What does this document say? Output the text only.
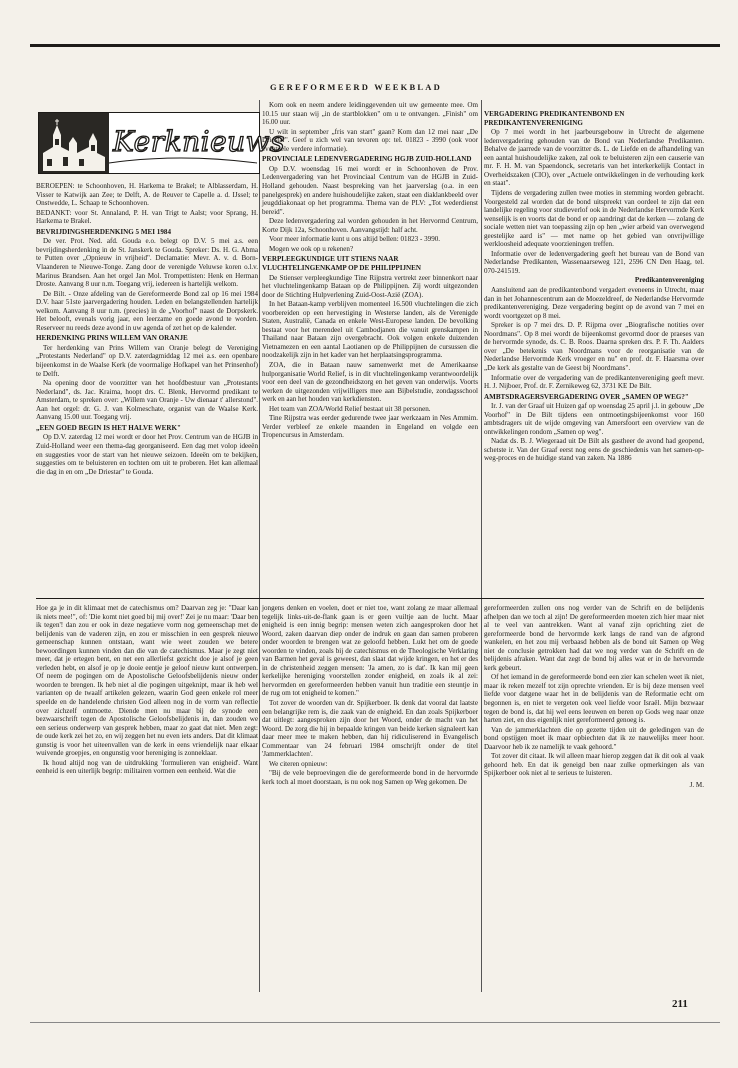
GEREFORMEERD WEEKBLAD
Kerknieuws

BEROEPEN: te Schoonhoven, H. Harkema te Brakel; te Alblasserdam, H. Visser te Katwijk aan Zee; te Delft, A. de Reuver te Capelle a. d. IJssel; te Onstwedde, L. Schaap te Schoonhoven.

BEDANKT: voor St. Annaland, P. H. van Trigt te Aalst; voor Sprang, H. Harkema te Brakel.

BEVRIJDINGSHERDENKING 5 MEI 1984

De ver. Prot. Ned. afd. Gouda e.o. belegt op D.V. 5 mei a.s. een bevrijdingsherdenking in de St. Janskerk te Gouda. Spreker: Ds. H. G. Abma te Putten over „Opnieuw in vrijheid". Declamatie: Mevr. A. v. d. Born-Vlaanderen te Nieuwe-Tonge. Zang door de verenigde Veluwse koren o.l.v. Marinus Brandsen. Aan het orgel Jan Mol. Trompettisten: Henk en Herman Droste. Aanvang 8 uur n.m. Toegang vrij, iedereen is hartelijk welkom.

De Bilt. - Onze afdeling van de Gereformeerde Bond zal op 16 mei 1984 D.V. haar 51ste jaarvergadering houden. Leden en belangstellenden hartelijk welkom. Aanvang 8 uur n.m. (precies) in de „Voorhof" naast de Dorpskerk. Het belooft, evenals vorig jaar, een leerzame en goede avond te worden. Reserveer nu reeds deze avond in uw agenda of zet het op de kalender.

HERDENKING PRINS WILLEM VAN ORANJE

Ter herdenking van Prins Willem van Oranje belegt de Vereniging „Protestants Nederland" op D.V. zaterdagmiddag 12 mei a.s. een openbare bijeenkomst in de Waalse Kerk (de voormalige Hofkapel van het Prinsenhof) te Delft.

Na opening door de voorzitter van het hoofdbestuur van „Protestants Nederland", ds. Jac. Kraima, hoopt drs. C. Blenk, Hervormd predikant te Amsterdam, te spreken over: „Willem van Oranje - Uw dienaar t' allerstond". Aan het orgel: dr. G. J. van Kolmeschate, organist van de Waalse Kerk. Aanvang 15.00 uur. Toegang vrij.

„EEN GOED BEGIN IS HET HALVE WERK"

Op D.V. zaterdag 12 mei wordt er door het Prov. Centrum van de HGJB in Zuid-Holland weer een thema-dag georganiseerd. Een dag met volop ideeën en suggesties voor de start van het nieuwe seizoen. Ideeën om te bekijken, suggesties om te beluisteren en tochten om uit te proberen. Het kan allemaal die dag in en om „De Driestar" te Gouda.

Kom ook en neem andere leidinggevenden uit uw gemeente mee. Om 10.15 uur staan wij „in de startblokken" om u te ontvangen. „Finish" om 16.00 uur.

U wilt in september „fris van start" gaan? Kom dan 12 mei naar „De Driestar". Geef u zich wel van tevoren op: tel. 01823 - 3990 (ook voor eventuele verdere informatie).

PROVINCIALE LEDENVERGADERING HGJB ZUID-HOLLAND

Op D.V. woensdag 16 mei wordt er in Schoonhoven de Prov. Ledenvergadering van het Provinciaal Centrum van de HGJB in Zuid-Holland gehouden. Naast bespreking van het jaarverslag (o.a. in een panelgesprek) en andere huishoudelijke zaken, staat een diaklankbeeld over jeugddiakonaat op het programma. Thema van de PLV: „Tot wederdienst bereid".

Deze ledenvergadering zal worden gehouden in het Hervormd Centrum, Korte Dijk 12a, Schoonhoven. Aanvangstijd: half acht.

Voor meer informatie kunt u ons altijd bellen: 01823 - 3990.

Mogen we ook op u rekenen?

VERPLEEGKUNDIGE UIT STIENS NAAR VLUCHTELINGENKAMP OP DE PHILIPPIJNEN

De Stienser verpleegkundige Tine Rijpstra vertrekt zeer binnenkort naar het vluchtelingenkamp Bataan op de Philippijnen. Zij wordt uitgezonden door de Stichting Hulpverlening Zuid-Oost-Azië (ZOA).

In het Bataan-kamp verblijven momenteel 16.500 vluchtelingen die zich voorbereiden op een hervestiging in Westerse landen, als de Verenigde Staten, Australië, Canada en enkele West-Europese landen. De bevolking bestaat voor het merendeel uit Cambodjanen die vanuit grenskampen in Thailand naar Bataan zijn overgebracht. Ook volgen enkele duizenden Vietnamezen en een aantal Laotianen op de Philippijnen de cursussen die noodzakelijk zijn in het kader van het herplaatsingsprogramma.

ZOA, die in Bataan nauw samenwerkt met de Amerikaanse hulporganisatie World Relief, is in dit vluchtelingenkamp verantwoordelijk voor een deel van de gezondheidszorg en het geven van onderwijs. Voorts werken de uitgezonden vrijwilligers mee aan Bijbelstudie, zondagsschool werk en aan het houden van kerkdiensten.

Het team van ZOA/World Relief bestaat uit 38 personen.

Tine Rijpstra was eerder gedurende twee jaar werkzaam in Nes Ammim. Verder verbleef ze enkele maanden in Engeland en volgde een Tropencursus in Amsterdam.

VERGADERING PREDIKANTENBOND EN PREDIKANTENVERENIGING

Op 7 mei wordt in het jaarbeursgebouw in Utrecht de algemene ledenvergadering gehouden van de Bond van Nederlandse Predikanten. Behalve de jaarrede van de voorzitter ds. L. de Liefde en de afhandeling van een aantal huishoudelijke zaken, zal ook te beluisteren zijn een causerie van mr. F. H. M. van Spaendonck, secretaris van het interkerkelijk Contact in Overheidszaken (CIO), over „Actuele ontwikkelingen in de verhouding kerk en staat".

Tijdens de vergadering zullen twee moties in stemming worden gebracht. Voorgesteld zal worden dat de bond uitspreekt van oordeel te zijn dat een landelijke regeling voor studieverlof ook in de Nederlandse Hervormde Kerk wenselijk is en voorts dat de bond er op aandringt dat de kerken — zolang de sociale wetten niet van toepassing zijn op hen „wier arbeid van overwegend geestelijke aard is" — met name op het gebied van onvrijwillige werkloosheid adequate voorzieningen treffen.

Informatie over de ledenvergadering geeft het bureau van de Bond van Nederlandse Predikanten, Wassenaarseweg 121, 2596 CN Den Haag, tel. 070-241519.

Predikantenvereniging

Aansluitend aan de predikantenbond vergadert eveneens in Utrecht, maar dan in het Johannescentrum aan de Moezeldreef, de Nederlandse Hervormde predikantenvereniging. Deze vergadering begint op de avond van 7 mei en wordt voortgezet op 8 mei.

Spreker is op 7 mei drs. D. P. Rijpma over „Biografische notities over Noordmans". Op 8 mei wordt de bijeenkomst gevormd door de praeses van de hervormde synode, ds. C. B. Roos. Daarna spreken drs. P. F. Th. Aalders over „De betekenis van Noordmans voor de reorganisatie van de Nederlandse Hervormde Kerk vroeger en nu" en prof. dr. F. Haarsma over „De kerk als gestalte van de Geest bij Noordmans".

Informatie over de vergadering van de predikantenvereniging geeft mevr. H. J. Nijboer, Prof. dr. F. Zernikeweg 62, 3731 KE De Bilt.

AMBTSDRAGERSVERGADERING OVER „SAMEN OP WEG?"

Ir. J. van der Graaf uit Huizen gaf op woensdag 25 april j.l. in gebouw „De Voorhof" in De Bilt tijdens een ontmoetingsbijeenkomst voor 160 ambtsdragers uit de wijde omgeving van Amersfoort een overview van de ontwikkelingen rondom „Samen op weg".

Nadat ds. B. J. Wiegeraad uit De Bilt als gastheer de avond had geopend, schetste ir. Van der Graaf eerst nog eens de geschiedenis van het samen-op-weg-proces en de huidige stand van zaken. Na 1886

Hoe ga je in dit klimaat met de catechismus om? Daarvan zeg je: "Daar kan ik niets mee!", of: 'Die komt niet goed bij mij over!' Zei je nu maar: 'Daar ben ik tegen'! dan zou er ook in deze negatieve vorm nog gemeenschap met de belijdenis van de vaderen zijn, en zou er misschien in een gesprek nieuwe gemeenschap kunnen ontstaan, want wie weet zouden we betere bewoordingen kunnen vinden dan die van de catechismus. Maar je zegt niet meer, dat je ertegen bent, en net een allerliefst gezicht doe je alsof je geen verleden hebt, en alsof je op je dooie eentje je geloof nieuw kunt ontwerpen. Of neem de pogingen om de Apostolische Geloofsbelijdenis nieuw onder woorden te brengen. Ik heb niet al die pogingen uitgeknipt, maar ik heb wel varianten op de twaalf artikelen gelezen, waarin God geen enkele rol meer speelde en de handelende christen God alleen nog in de vorm van reflectie over zichzelf ontmoette. Diende men nu maar bij de synode een bezwaarschrift tegen de Apostolische Geloofsbelijdenis in, dan zouden we een serieus onderwerp van gesprek hebben, maar zo gaat dat niet. Men zegt: de oude kerk zei het zo, en wij zeggen het nu even iets anders. Dat dit klimaat gunstig is voor het uiteenvallen van de kerk in eens vriendelijk naar elkaar wuivende groepjes, en ongunstig voor hereniging is zonneklaar.

Ik houd altijd nog van de uitdrukking 'formulieren van enigheid'. Want eenheid is een uiterlijk begrip: militairen vormen een eenheid. Wat die

jongens denken en voelen, doet er niet toe, want zolang ze maar allemaal tegelijk links-uit-de-flank gaan is er geen vuiltje aan de lucht. Maar enigheid is een innig begrip: mensen weten zich aangesproken door het Woord, zaken daarvan diep onder de indruk en gaan dan samen proberen onder woorden te brengen wat ze geloofd hebben. Lukt het om de goede woorden te vinden, zoals bij de catechismus en de Theologische Verklaring van Barmen het geval is geweest, dan slaat dat wijde kringen, en het er des in de christenheid zeggen mensen: 'Ja amen, zo is dat'. Ik kan mij geen kerkelijke hereniging voorstellen zonder enigheid, en zoals ik al zei: hervormden en gereformeerden hebben vanuit hun traditie een steuntje in de rug om tot enigheid te komen."

Tot zover de woorden van dr. Spijkerboer. Ik denk dat vooral dat laatste een belangrijke rem is, die zaak van de enigheid. En dan zoals Spijkerboer dat uitlegt: aangesproken zijn door het Woord, onder de macht van het Woord. De zorg die hij in bepaalde kringen van beide kerken signaleert kan daar meer mee te maken hebben, dan hij ridiculiserend in Evangelisch Commentaar van 24 februari 1984 omschrijft onder de titel 'Jammerklachten'.

We citeren opnieuw:

"Bij de vele beproevingen die de gereformeerde bond in de hervormde kerk toch al moet doorstaan, is nu ook nog Samen op Weg gekomen. De

gereformeerden zullen ons nog verder van de Schrift en de belijdenis afhelpen dan we toch al zijn! De gereformeerden moeten zich hier maar niet al te veel van aantrekken. Want al vanaf zijn oprichting ziet de gereformeerde bond de hervormde kerk langs de rand van de afgrond wankelen, en het zou mij verbaasd hebben als de bond uit Samen op Weg niet de conclusie getrokken had dat we nog verder van de Schrift en de belijdenis afraken. Want dat zegt de bond bij alles wat er in de hervormde kerk gebeurt.

Of het iemand in de gereformeerde bond een zier kan schelen weet ik niet, maar ik reken mezelf tot zijn oprechte vrienden. Er is bij deze mensen veel liefde voor datgene waar het in de belijdenis van de Reformatie echt om begonnen is, en niet te vergeten ook veel liefde voor Israël. Mijn bezwaar tegen de bond is, dat hij wel eens leeuwen en beren op Gods weg naar onze harten ziet, en dus eigenlijk niet gereformeerd genoeg is.

Van de jammerklachten die op gezette tijden uit de geledingen van de bond opstijgen moet ik maar opbiechten dat ik ze nauwelijks meer hoor. Daarvoor heb ik ze namelijk te vaak gehoord."

Tot zover dit citaat. Ik wil alleen maar hierop zeggen dat ik dit ook al vaak gehoord heb. En dat ik geneigd ben naar zulke opmerkingen als van Spijkerboer ook niet al te serieus te luisteren.

J. M.

211
